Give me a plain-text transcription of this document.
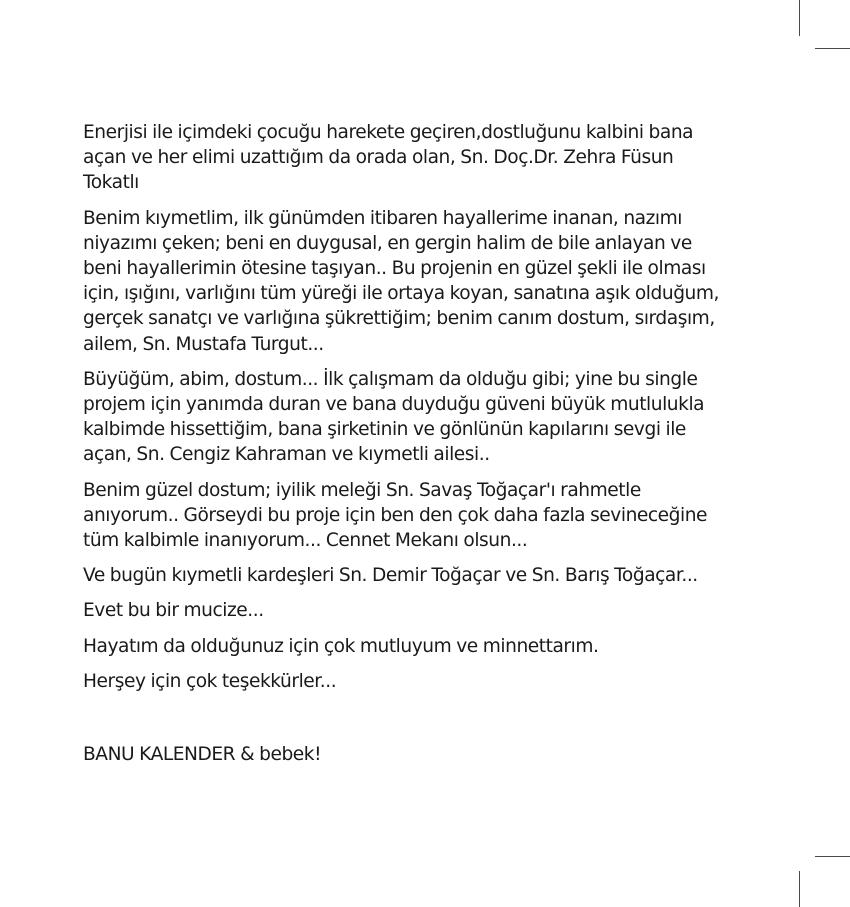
Enerjisi ile içimdeki çocuğu harekete geçiren,dostluğunu kalbini bana açan ve her elimi uzattığım da orada olan, Sn. Doç.Dr. Zehra Füsun Tokatlı

Benim kıymetlim, ilk günümden itibaren hayallerime inanan, nazımı niyazımı çeken; beni en duygusal, en gergin halim de bile anlayan ve beni hayallerimin ötesine taşıyan.. Bu projenin en güzel şekli ile olması için, ışığını, varlığını tüm yüreği ile ortaya koyan, sanatına aşık olduğum, gerçek sanatçı ve varlığına şükrettiğim; benim canım dostum, sırdaşım, ailem, Sn. Mustafa Turgut...

Büyüğüm, abim, dostum... İlk çalışmam da olduğu gibi; yine bu single projem için yanımda duran ve bana duyduğu güveni büyük mutlulukla kalbimde hissettiğim, bana şirketinin ve gönlünün kapılarını sevgi ile açan, Sn. Cengiz Kahraman ve kıymetli ailesi..

Benim güzel dostum; iyilik meleği Sn. Savaş Toğaçar'ı rahmetle anıyorum.. Görseydi bu proje için ben den çok daha fazla sevineceğine tüm kalbimle inanıyorum... Cennet Mekanı olsun...

Ve bugün kıymetli kardeşleri Sn. Demir Toğaçar ve Sn. Barış Toğaçar...

Evet bu bir mucize...

Hayatım da olduğunuz için çok mutluyum ve minnettarım.

Herşey için çok teşekkürler...

BANU KALENDER & bebek!
